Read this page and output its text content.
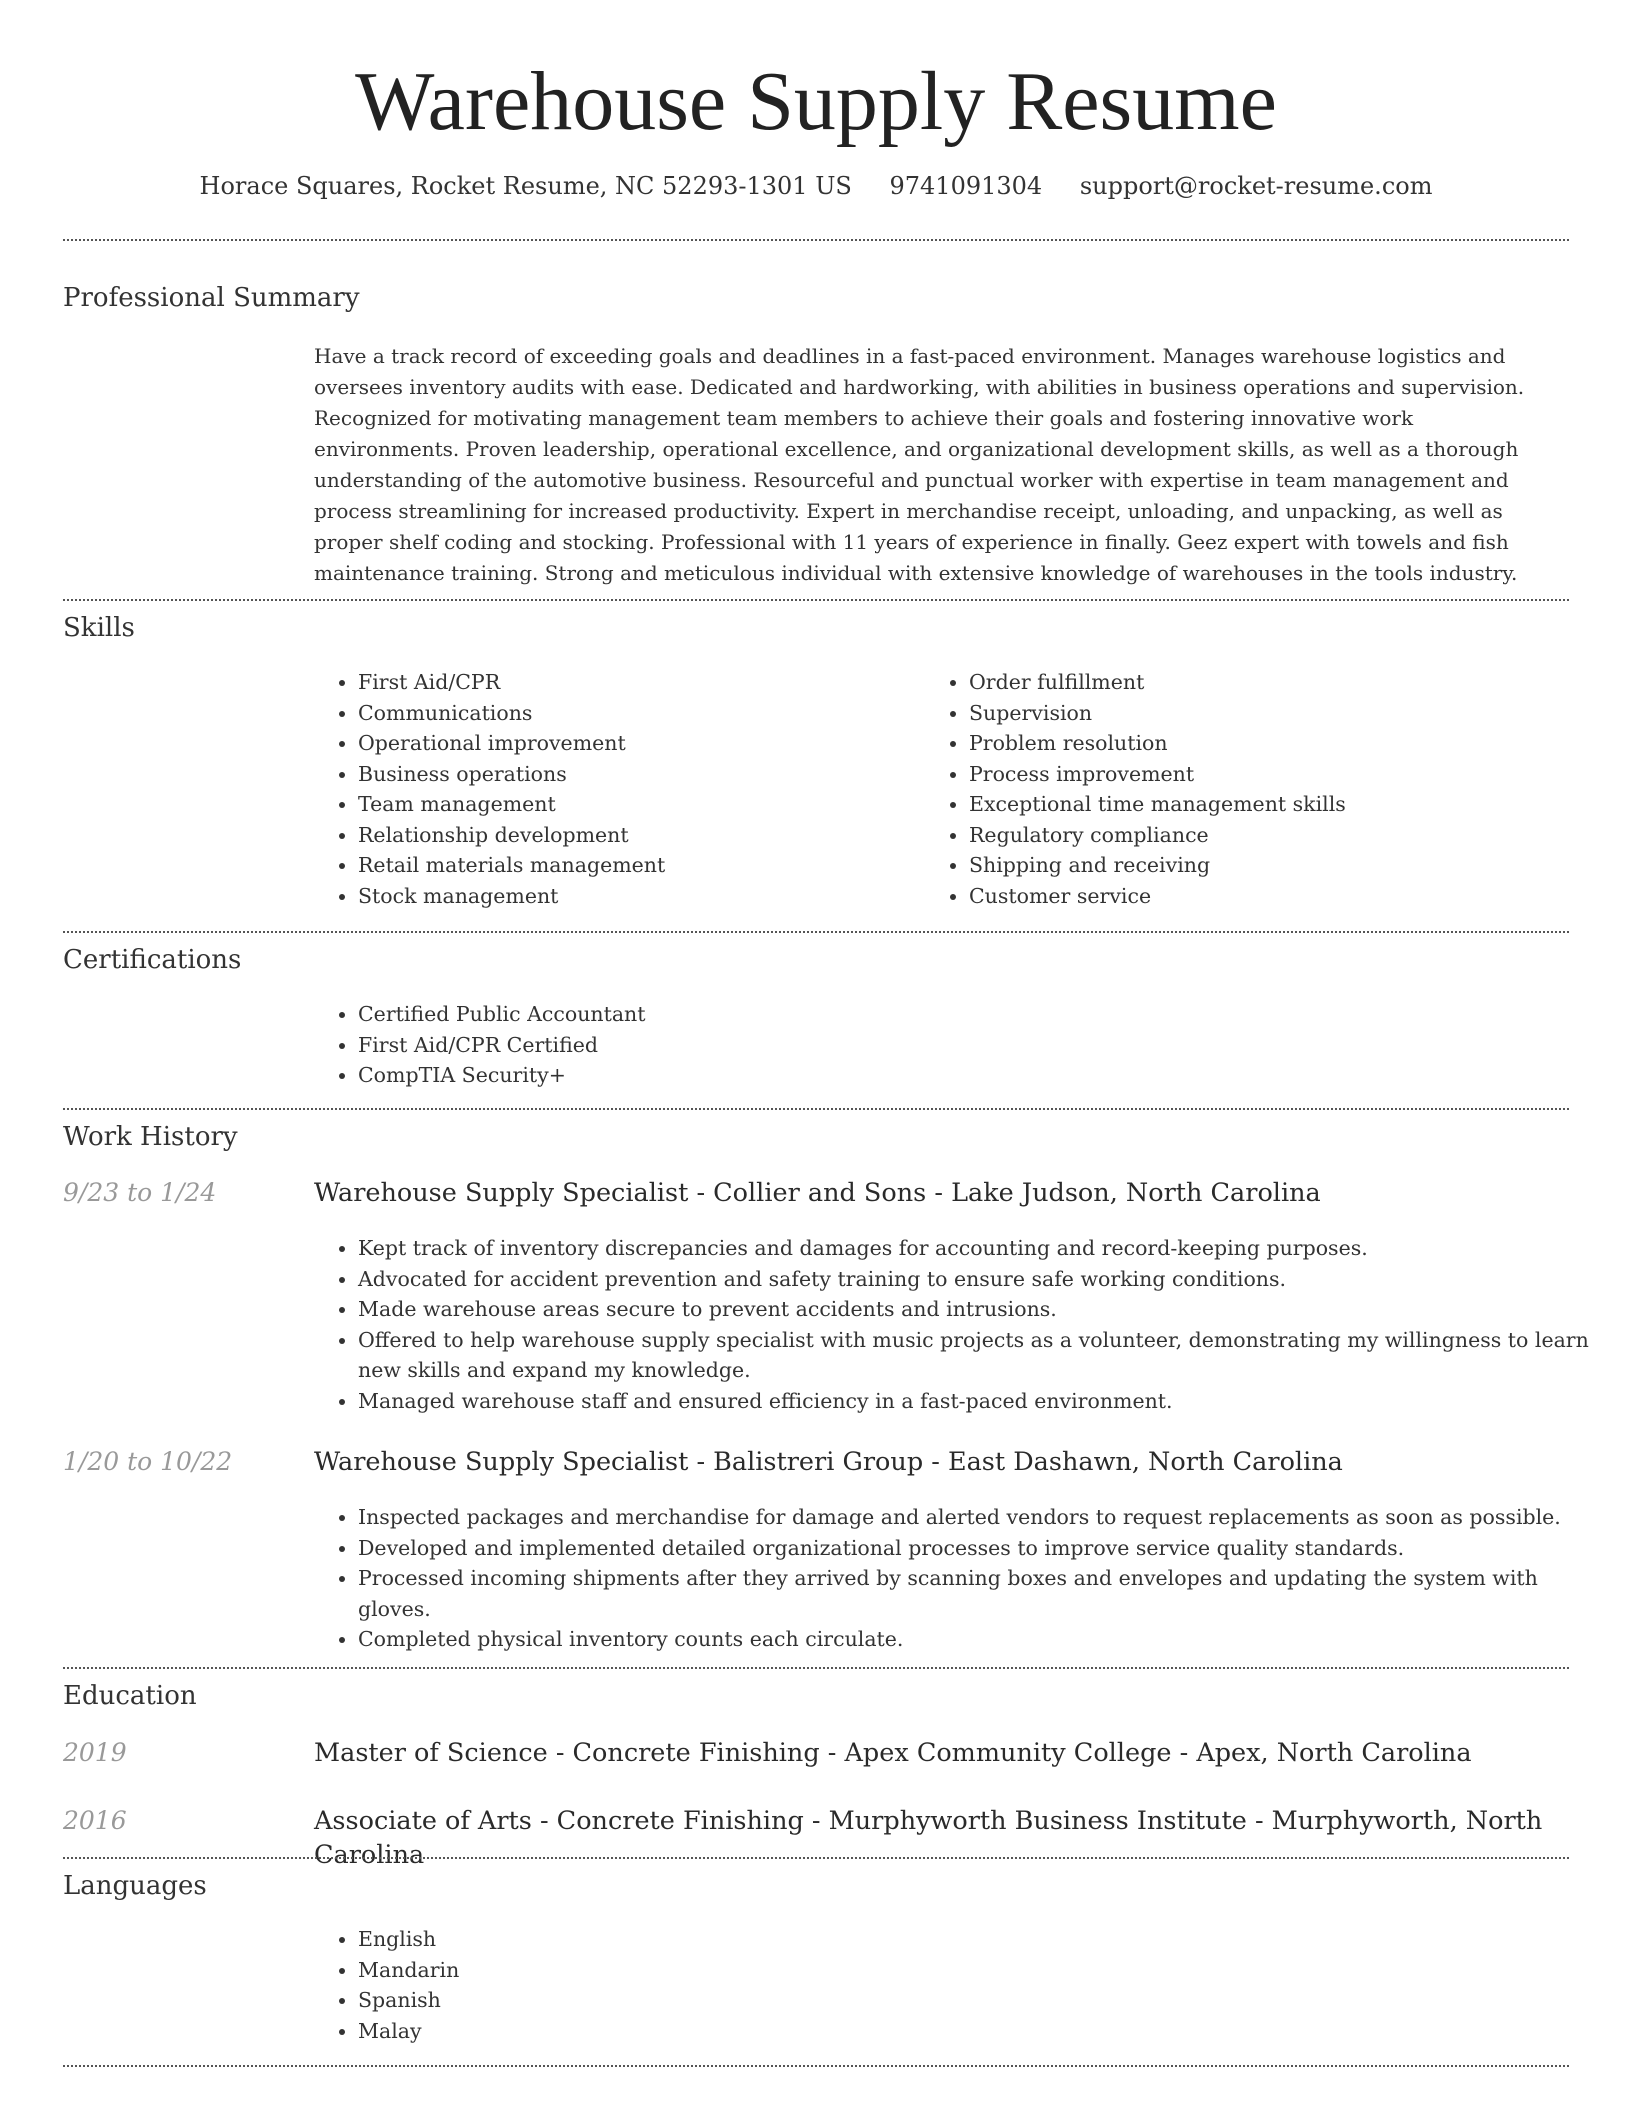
Warehouse Supply Resume
Horace Squares, Rocket Resume, NC 52293-1301 US 9741091304 support@rocket-resume.com
Professional Summary

Have a track record of exceeding goals and deadlines in a fast-paced environment. Manages warehouse logistics and oversees inventory audits with ease. Dedicated and hardworking, with abilities in business operations and supervision. Recognized for motivating management team members to achieve their goals and fostering innovative work environments. Proven leadership, operational excellence, and organizational development skills, as well as a thorough understanding of the automotive business. Resourceful and punctual worker with expertise in team management and process streamlining for increased productivity. Expert in merchandise receipt, unloading, and unpacking, as well as proper shelf coding and stocking. Professional with 11 years of experience in finally. Geez expert with towels and fish maintenance training. Strong and meticulous individual with extensive knowledge of warehouses in the tools industry.

Skills
• First Aid/CPR
• Communications
• Operational improvement
• Business operations
• Team management
• Relationship development
• Retail materials management
• Stock management
• Order fulfillment
• Supervision
• Problem resolution
• Process improvement
• Exceptional time management skills
• Regulatory compliance
• Shipping and receiving
• Customer service
Certifications
• Certified Public Accountant
• First Aid/CPR Certified
• CompTIA Security+
Work History
9/23 to 1/24	Warehouse Supply Specialist - Collier and Sons - Lake Judson, North Carolina
• Kept track of inventory discrepancies and damages for accounting and record-keeping purposes.
• Advocated for accident prevention and safety training to ensure safe working conditions.
• Made warehouse areas secure to prevent accidents and intrusions.
• Offered to help warehouse supply specialist with music projects as a volunteer, demonstrating my willingness to learn new skills and expand my knowledge.
• Managed warehouse staff and ensured efficiency in a fast-paced environment.
1/20 to 10/22	Warehouse Supply Specialist - Balistreri Group - East Dashawn, North Carolina
• Inspected packages and merchandise for damage and alerted vendors to request replacements as soon as possible.
• Developed and implemented detailed organizational processes to improve service quality standards.
• Processed incoming shipments after they arrived by scanning boxes and envelopes and updating the system with gloves.
• Completed physical inventory counts each circulate.
Education
2019	Master of Science - Concrete Finishing - Apex Community College - Apex, North Carolina
2016	Associate of Arts - Concrete Finishing - Murphyworth Business Institute - Murphyworth, North Carolina
Languages
• English
• Mandarin
• Spanish
• Malay
